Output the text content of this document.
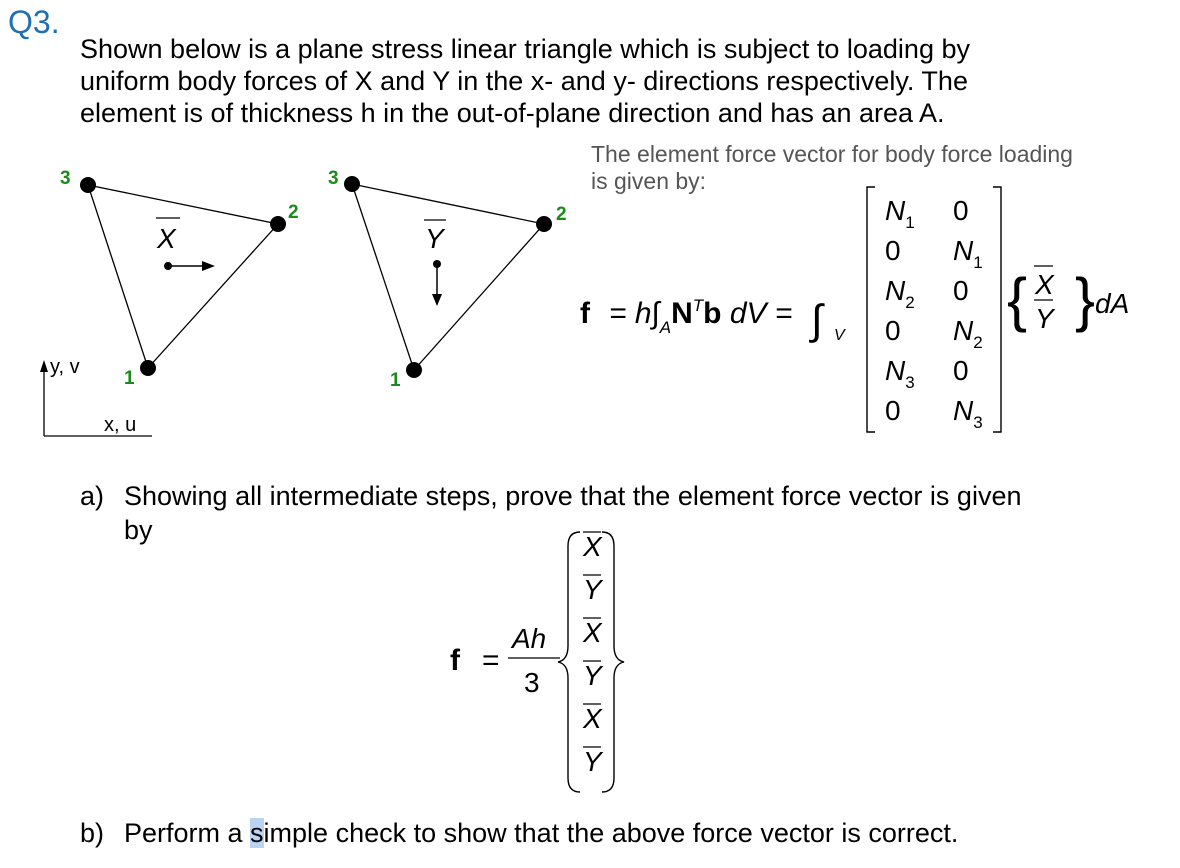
Q3.
Shown below is a plane stress linear triangle which is subject to loading by
uniform body forces of X and Y in the x- and y- directions respectively. The
element is of thickness h in the out-of-plane direction and has an area A.
3
2
1
X
3
2
1
Y
y, v
x, u
The element force vector for body force loading
is given by:
$f = h\int_AN^Tb$ dV = ∫ V
$N_1$ 0
0 $N_1$
$N_2$ 0
0 $N_2$
$N_3$ 0
0 $N_3$
{ }
X
Y dA
a) Showing all intermediate steps, prove that the element force vector is given
by
f =
Ah
3
X
Y
X
Y
X
Y
b) Perform a simple check to show that the above force vector is correct.
